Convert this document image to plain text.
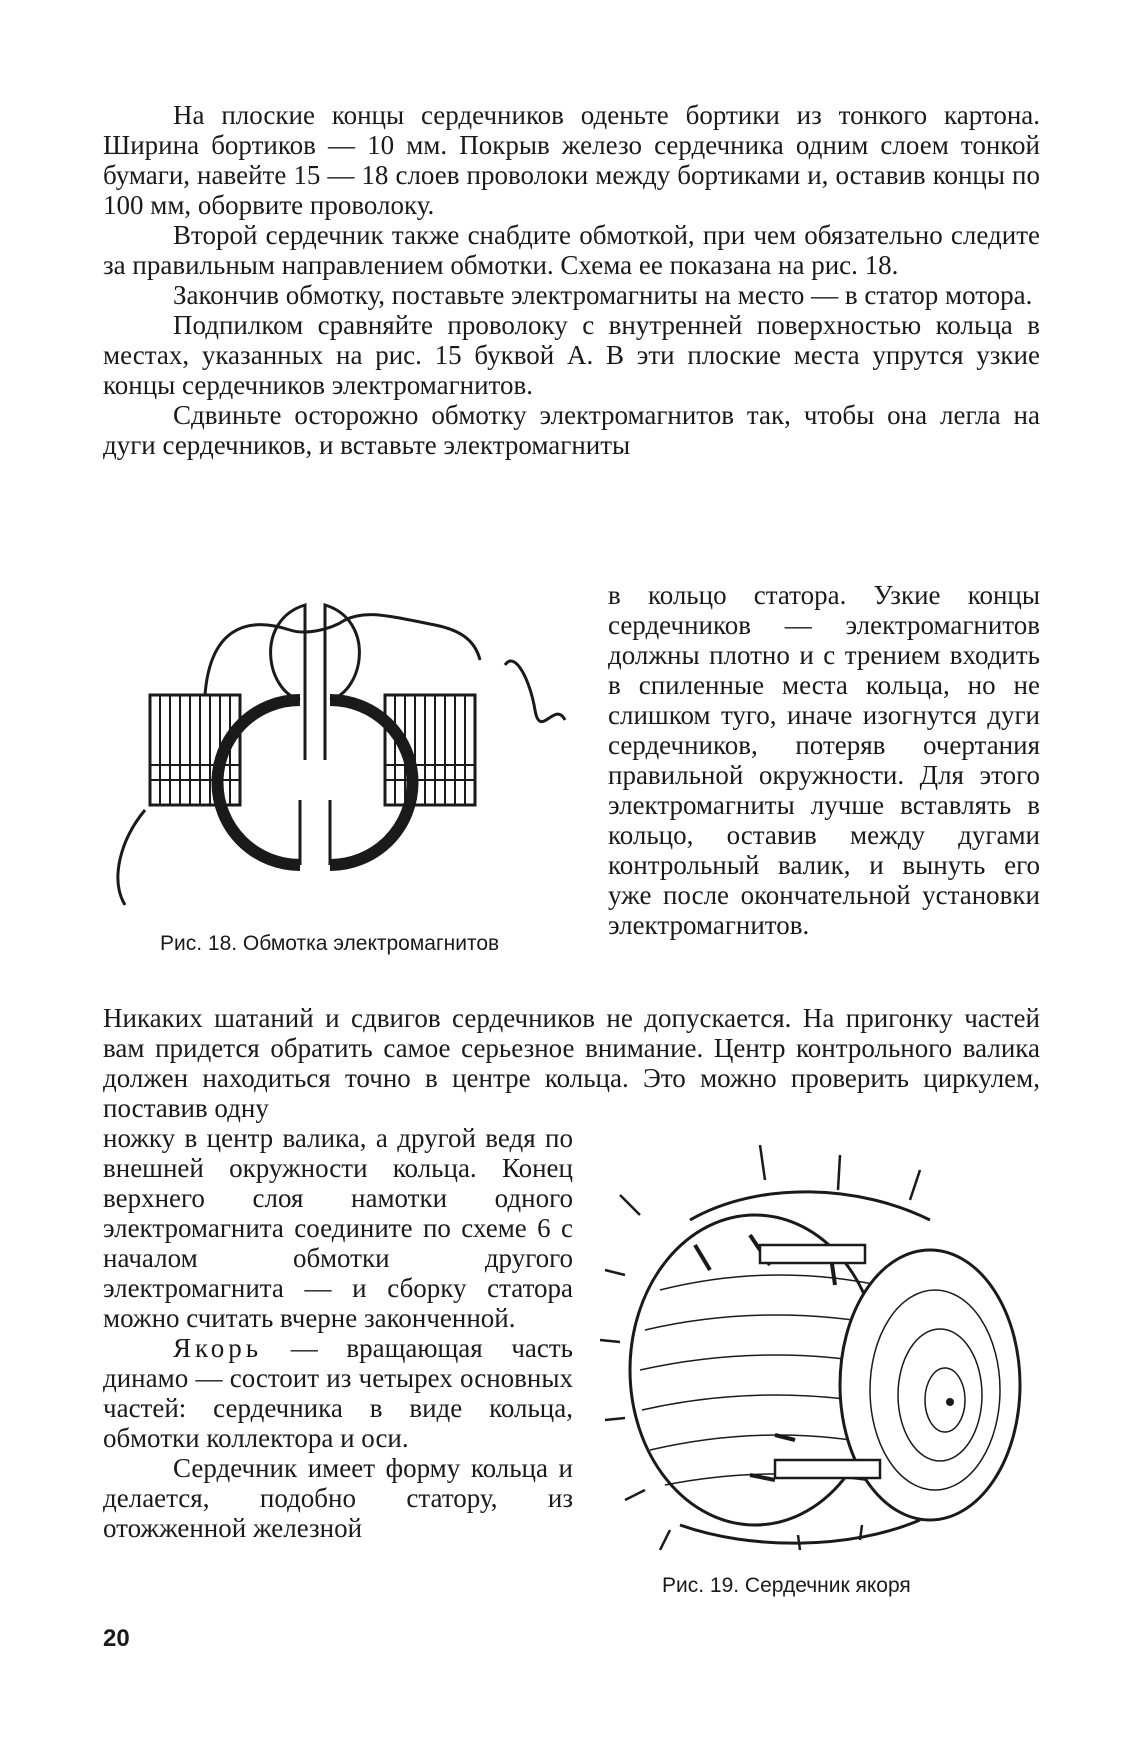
На плоские концы сердечников оденьте бортики из тонкого картона. Ширина бортиков — 10 мм. Покрыв железо сердечника одним слоем тонкой бумаги, навейте 15 — 18 слоев проволоки между бортиками и, оставив концы по 100 мм, оборвите проволоку.

Второй сердечник также снабдите обмоткой, при чем обязательно следите за правильным направлением обмотки. Схема ее показана на рис. 18.

Закончив обмотку, поставьте электромагниты на место — в статор мотора.

Подпилком сравняйте проволоку с внутренней поверхностью кольца в местах, указанных на рис. 15 буквой А. В эти плоские места упрутся узкие концы сердечников электромагнитов.

Сдвиньте осторожно обмотку электромагнитов так, чтобы она легла на дуги сердечников, и вставьте электромагниты

Рис. 18. Обмотка электромагнитов

в кольцо статора. Узкие концы сердечников — электромагнитов должны плотно и с трением входить в спиленные места кольца, но не слишком туго, иначе изогнутся дуги сердечников, потеряв очертания правильной окружности. Для этого электромагниты лучше вставлять в кольцо, оставив между дугами контрольный валик, и вынуть его уже после окончательной установки электромагнитов.

Никаких шатаний и сдвигов сердечников не допускается. На пригонку частей вам придется обратить самое серьезное внимание. Центр контрольного валика должен находиться точно в центре кольца. Это можно проверить циркулем, поставив одну

ножку в центр валика, а другой ведя по внешней окружности кольца. Конец верхнего слоя намотки одного электромагнита соедините по схеме 6 с началом обмотки другого электромагнита — и сборку статора можно считать вчерне законченной.

Якорь — вращающая часть динамо — состоит из четырех основных частей: сердечника в виде кольца, обмотки коллектора и оси.

Сердечник имеет форму кольца и делается, подобно статору, из отожженной железной

Рис. 19. Сердечник якоря
20
